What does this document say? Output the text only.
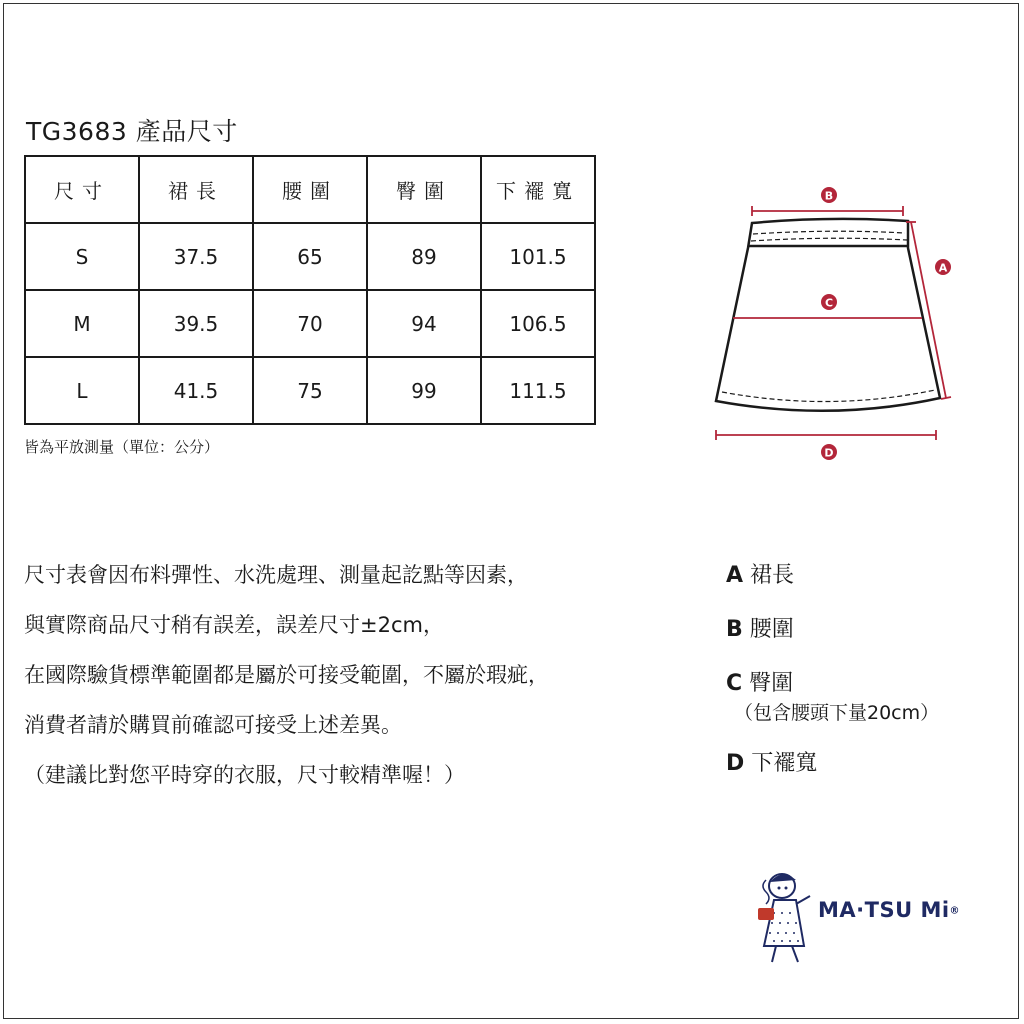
TG3683 產品尺寸
尺寸	裙長	腰圍	臀圍	下襬寬
S	37.5	65	89	101.5
M	39.5	70	94	106.5
L	41.5	75	99	111.5
皆為平放測量（單位：公分）
B
A
C
D
尺寸表會因布料彈性、水洗處理、測量起訖點等因素，
與實際商品尺寸稍有誤差，誤差尺寸±2cm，
在國際驗貨標準範圍都是屬於可接受範圍，不屬於瑕疵，
消費者請於購買前確認可接受上述差異。
（建議比對您平時穿的衣服，尺寸較精準喔！）
A 裙長
B 腰圍
C 臀圍
（包含腰頭下量20cm）
D 下襬寬
MA·TSU Mi®
